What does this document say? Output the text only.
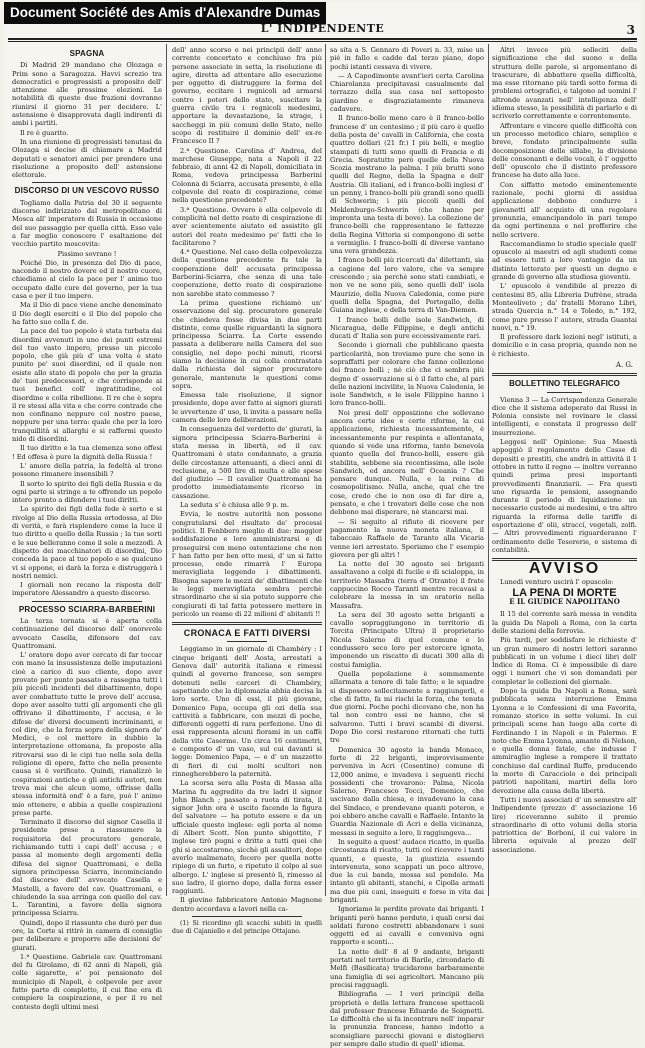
Document Société des Amis d'Alexandre Dumas
L' INDIPENDENTE	3
SPAGNA

Di Madrid 29 mandano che Olozaga e Prim sono a Saragozza. Havvi screzio tra democratici e progressisti a proposito dell' attenzione alle prossime elezioni. Le notabilità di queste due frazioni dovranno riunirsi il giorno 31 per decidere. L' astensione è disapprovata dagli indirenti di ambi i partiti.

Il re è guarito.

In una riunione di progressisti tenutasi da Olozaga si decise di chiamare a Madrid deputati e senatori amici per prendere una risoluzione a proposito dell' astensione elettorale.

DISCORSO DI UN VESCOVO RUSSO

Togliamo dalla Patria del 30 il seguente discorso indirizzato dal metropolitano di Mosca all' imperatore di Russia in occasione del suo passaggio per quella città. Esso vale a far meglio conoscere l' esaltazione del vecchio partito moscovita:

Pissimo sovrano !

Poiché Dio, in presenza del Dio di pace, nacondo il nostro dovere ed il nostro cuore, chiediamo al cielo la pace per l' animo tuo occupato dalle cure del governo, per la tua casa e per il tuo impero.

Ma il Dio di pace viene anche denominato il Dio degli eserciti e il Dio del popolo che ha fatto suo colla f. de.

La pace del tuo popolo è stata turbata dai disordini avvenuti in uno dei punti estremi del tuo vasto impero, presso un piccolo popolo, che già più d' una volta è stato punito pe' suoi disordini, ed il quale non esiste allo stato di popolo che per la grazia de' tuoi predecessori, e che corrisponde ai tuoi benefici coll' ingratitudine, col disordine e colla ribellione. Il re che è sopra il re stessi alla vita e che corre contrade che non confinano neppure col nostro paese, neppure per una terra: quale che per la loro tranquillità si allarghi e si raffermi questo nido di disordini.

Il tuo diritto e la tua clemenza sono offesi ! Ed offesa è pure la dignità della Russia !

L' amore della patria, la fedeltà al trono possono rimanere insensibili ?

Il sorto lo spirito dei figli della Russia e da ogni parte si stringe a te offrendo un popolo intero pronto a difendere i tuoi diritti.

Lo spirito dei figli della fede è sorto e si rivolge al Dio della Russia ortodossa, al Dio di verità, e farà risplendere come la luce il tuo diritto e quello della Russia ; la tue sorti e le sue belleranno come il sole a mezzodì. A dispetto dei macchinatori di disordini, Dio conceda la pace al tuo popolo e se qualcuno vi si oppone, ei darà la forza e distruggerà i nostri nemici.

I giornali non recano la risposta dell' imperatore Alessandro a questo discorso.

PROCESSO SCIARRA-BARBERINI

La terza tornata si è aperta colla continuazione del discorso dell' onorevole avvocato Casella, difensore del cav. Quattromani.

L' oratore dopo aver cercato di far toccar con mano la insussistenza delle imputazioni cioè a carico di suo cliente, dopo aver provato per punto passato a rassegna tutti i più piccoli incidenti del dibattimento, dopo aver combattuto tutte le prove dell' accusa, dopo aver assolto tutti gli argomenti che gli offrivano il dibattimento, l' accusa, e le difese de' diversi documenti incriminanti, e col dire, che la forza sopra della signora de' Medici, e col mettere in dubbio la interpretazione ottomana, fa proposte alla ritrovarsi suo di le cipi tuo nella sola della religione di opere, fatto che nella presente causa si è verificato. Quindi, rianalizzò le cospirazioni antiche e gli antichi autori, non trova mai che alcun uomo, offrisse dalla stessa informità ond' è a fare, può l' animo mio ottenere, e abbia a quelle cospirazioni prese parte.

Terminato il discorso del signor Casella il presidente prese a riassumere la requisitoria del procuratore generale, richiamando tutti i capi dell' accusa ; e passa al momento degli argomenti della difesa del signor Quattromani, e della signora principessa Sciarra, incominciando dal discorso dell' avvocato Casella e Mastelli, a favore del cav. Quattromani, e chiudendo la sua arringa con quello del cav. L. Tarantini, a favore della signora principessa Sciarra.

Quindi, dopo il riassunto che durò per due ore, la Corte si ritirò in camera di consiglio per deliberare e proporre alle decisioni de' giurati.

1.ª Questione. Gabriele cav. Quattromani del fu Girolamo, di 62 anni di Napoli, già colle sigarette, e' poi pensionato del municipio di Napoli, è colpevole per aver fatto parte di complotto, il cui fine era di compiere la cospirazione, e per il re nel contesto degli ultimi mesi

dell' anno scorso e nei principii dell' anno corrente concertato e conchiuso fra più persone associate in setta, la risoluzione di agire, diretta ad attentare allo esecuzione per oggetto di distruggere la forma del governo, eccitare i regnicoli ad armarsi contro i poteri dello stato, suscitare la guerra civile tra i regnicoli medesimi, apportare la devastazione, la strage, i saccheggi in più comuni dello Stato, nello scopo di restituire il dominio dell' ex-re Francesco II ?

2.ª Questione. Carolina d' Andrea, del marchese Giuseppe, nata a Napoli il 22 febbraio, di anni 42 di Napoli, domiciliata in Roma, vedova principessa Barberini Colonna di Sciarra, accusata presente, è ella colpevole del reato di cospirazione, come nella questione precedente?

3.ª Questione. Ovvero è ella colpevole di complicità nel detto reato di cospirazione di aver scientemente aiutato ed assistito gli autori del reato medesimo pe' fatti che lo facilitarono ?

4.ª Questione. Nel caso della colpevolezza della questione precedente fu tale la cooperazione dell' accusata principessa Barberini-Sciarra, che senza di una tale cooperazione, detto reato di cospirazione non sarebbe stato commesso ?

La prima questione richiamò un' osservazione del sig. procuratore generale che chiedeva fosse divisa in due parti distinte, come quelle riguardanti la signora principessa Sciarra. La Corte essendo passata a deliberare nella Camera del suo consiglio, nel dopo pochi minuti, ricorsi siamo la decisione in cui colla contrastata dalla richiesta del signor procuratore generale, mantenute le questioni come sopra.

Emessa tale risoluzione, il signor presidente, dopo aver fatto ai signori giurati le avvertenze d' uso, li invita a passare nella camera delle loro deliberazioni.

In conseguenza del verdetto de' giurati, la signora principessa Sciarra-Barberini è stata messa in libertà, ed il cav. Quattromani è stato condannato, a grazia delle circostanze attenuanti, a dieci anni di reclusione, a 500 lire di multa e alle spese del giudizio — Il cavalier Quattromani ha prodotto immediatamente ricorso in cassazione.

La seduta s' è chiusa alle 9 p. m.

Evvia, le nostre autorità non possono congratularsi del risultato de' processi politici. Il Fenbbero meglio di due: maggior soddisfazione e loro amministrarsi e di proseguirsi con meno ostentazione che non l' han fatto per ben otto mesi, d' un sì fatto processo, onde rimarrà l' Europa meravigliata leggendo i dibattimenti. Bisogna sapere le mezzi de' dibattimenti che le leggi meravigliata sembra perchè straordinario che si sia potuto supporre che congiurati di tal fatta potessero mettere in pericolo un reame di 22 milioni d' abitanti !!

CRONACA E FATTI DIVERSI

Leggiamo in un giornale di Chambéry : I cinque briganti dell' Aosta, arrestati a Genova dall' autorità italiana e rimessi quindi al governo francese, son sempre detenuti nelle carceri di Chambéry, aspettando che la diplomazia abbia decisa la loro sorte. Uno di essi, il più giovane, Domenico Papa, occupa gli ozi della sua cattività a fabbricare, con mezzi di poche, differenti oggetti di rara perfezione. Uno di essi rappresenta alcuni fiorami in un caffè della vite Caserme. Un circa 16 centimetri, e composto d' un vaso, sul cui davanti si legge: Domenico Papa, — e d' un mazzetto di fiori di cui molti scultori non rinnegherebbero la paternità.

La scorsa sera alla Posta di Massa alla Marina fu aggredito da tre ladri il signor John Blanch ; passato a ruota di tirata, il signor John ora è uscito facendo la figura del salvatore — ha potuto essere e da un ufficiale questo inglese: egli porta al nome di Albert Scott. Non punto sbigottito, l' inglese tirò pugni e dritte a tutti quei che ghi si accostarono, sicchè gli assalitori, dopo averlo malmenato, fecero per quella notte ripiego di un furto, e ripetuto il colpo al suo albergo. L' inglese si presentò lì, rimesso al suo ladro, il giorno dopo, dalla forza esser raggiunti.

Il giovine fabbricatore Antonio Magnone dentro accordava a lavori nella ca-

(1) Si ricordino gli scacchi subiti in quelli due dì Cajaniello e del principe Ottajano.

sa sita a S. Gennaro di Poveri n. 33, mise un pié in fallo e cadde dal terzo piano, dopo pochi istanti cessava di vivere.

— A Capodimonte avant'ieri certa Carolina Chiarolanza precipitavasi casualmente dal terrazzo della sua casa nel sottoposto giardino e disgraziatamente rimaneva cadavere.

Il franco-bollo meno caro è il franco-bollo francese d' un centesimo ; il più caro è quello della posta de' cavalli in California, che costa quattro dollari (21 fr.) I più belli, e meglio stampati di tutti sono quelli di Francia e di Grecia. Sopratutto però quelle della Nuova Scozia mostrano la palma. I più brutti sono quelli del Regno, della la Spagna e dell' Austria. Gli italiani, ed i franco-bolli inglesi d' un penny, i franco-bolli più grandi sono quelli di Schwerin; i più piccoli quelli del Meklenburgo-Schwerin (che hanno per impronta una testa di bove). La collezione de' franco-bolli che rappresentano le fattezze della Regina Vittoria si compongono di sette a vermiglio. I franco-bolli di diverse vantano una vera grandezza.

I franco bolli più ricercati da' dilettanti, sia a cagione del loro valore, che va sempre crescendo ; sia perchè sono stati cambiati, e non ve ne sono più, sono quelli dell' isola Maurizio, della Nuova Caledonia, come pure quelli della Spagna, del Portogallo, della Guiana inglese, e della terra di Van-Diemen.

I franco bolli delle isole Sandwich, di Nicaragua, delle Filippine, e degli antichi ducati d' Italia son pure eccessivamente rari.

Secondo i giornali che pubblicano questa particolarità, non troviamo pure che sono in sopraffatti per colorare che fanno collezione dei franco bolli ; nè ciò che ci sembra più degno d' osservazione si è il fatto che, al pari delle nazioni incivilite, la Nuova Caledonia, le isole Sandwich, e le isole Filippine hanno i loro franco-bolli.

Noi presi dell' opposizione che sollevano ancora certe idee e certe riforme, la cui applicazione, richiesta incessantemente, è incessantemente pur respinta e allontanata, quando si vede una riforma, tanto benevola quanto quella del franco-bolli, essere già stabilita, sebbene sia recentissima, alle isole Sandwich, ed ancora nell' Oceania ? Che pensare dunque. Nulla, e la reina di cosmopolitismo. Nulla, anche, qual che tre cose, credo che io non oso di far dire a, pensato, e che i trovatori delle cose che non debbono mai disperare, nè stancarsi mai.

— Si seguito al rifiuto di ricevere per pagamento la nuova moneta italiana, il tabaccaio Raffaele de Taranto alla Vicaria venne ieri arrestato. Speriamo che l' esempio giovera per gli altri !

La notte del 30 agosto sei briganti assaltavano a colpi di fucile e di scialoppa, in territorio Massafra (terra d' Otranto) il frate cappuccino Rocco Taranti mentre recavasi a celebrare la messa in un oratorio nella Massafra.

La sera del 30 agosto sette briganti a cavallo sopraggiungono in territorio di Torcita (Principato Ultra) il proprietario Nicola Salerno di quel comune e lo condussero seco loro per estorcere ignota, imponendo un riscatto di ducati 300 alla di costui famiglia.

Quella popolazione è sommamente allarmata a tenore di tale fatto; e le squadre si disposero sollecitamente a raggiungerli, e che di fatto, fa mi rischi la forza, che tenuta due giorni. Poche pochi dicevano che, non ha tal non contro essi ne hanno, che si salvarono. Tutti i bravi scambi di diversi. Dopo Dio corsi restarono ritornati che tutti tre

Domenica 30 agosto la banda Monaco, forte di 22 briganti, improvvisamente perveniva in Acri (Cosentino) comune di 12,000 anime, e invadeva i seguenti ricchi possidenti che trovarono: Palma, Nicola Salerno, Francesco Tocci, Domenico, che uscivano dalla chiesa, e invadevano la casa del Sindaco, e prendevano quanti poteron, e poi ebbero anche cavalli e Raffaele. Intanto la Guardia Nazionale di Acri e della vicinanza, messasi in seguito a loro, li raggiungeva...

In seguito a quest' audace ricatto, in quella circostanza di ricatto, tutti col ricevere i tanti quanti, e queste, la giustizia essendo intervenuta, sono scappati un poco altrove, due la cui banda, mossa sul pendolo. Ma intanto gli abitanti, stanchi, e Cipolla armati ma due più cani, inseguiti e forse in vita dai briganti.

Ignoriamo le perdite provate dai briganti. I briganti però hanno perduto, i quali corsi dai soldati furono costretti abbandonare i suoi oggetti ed ai cavalli e conveniva ogni rapporto e sconti...

La notte dell' 8 al 9 andante, briganti portati nel territorio di Barile, circondario di Melfi (Basilicata) trucidarono barbaramente una famiglia di sei agricoltori. Mancano più precisi ragguagli.

Bibliografia — I veri principii della proprietà e della lettura francese spettacoli dal professor francese Eduardo de Soignetti. Le difficoltà che si fa incontrare nell' imparar la pronunzia francese, hanno indotto a sconsigliare parecchi giovani e distogliervi per sempre dallo studio di quell' idioma.

Altri invece più solleciti della significazione che del suono e della struttura delle parole, si argomentano di trascurare, di abbattere quella difficoltà, ma esse ritornano più tardi sotto forma di problemi ortografici, e talgono ad uomini l' altronde avanzati nell' intelligenza dell' idioma stesso, la possibilità di parlarlo e di scriverlo correttamente e correntemente.

Affrontare e vincere quelle difficoltà con un processo metodico chiaro, semplice e breve, fondato principalmente sulla decomposizione delle sillabe, la divisione delle consonanti e delle vocali, è l' oggetto dell' opuscolo che il distinto professore francese ha dato alla luce.

Con siffatto metodo eminentemente razionale, pochi giorni di assidua applicazione debbono condurre i giovanetti all' acquisto di una regolare pronunzia, emancipandolo in pari tempo da ogni pertinenza e nel profferire che nello scrivere.

Raccomandiamo lo studio speciale quell' opuscolo ai maestri ed agli studenti come ad essere tutti a loro vantaggio da un distinto letterato per questi un degno e grande di governo alla studiosa gioventù.

L' opuscolo è vendibile al prezzo di centesimi 85, alla Libreria Dufrène, strada Monteoliveto ; da' fratelli Morano Libri, strada Quercia n.° 14 e Toledo, n.° 192, come pure presso l' autore, strada Guantai nuovi, n.° 19.

Il professore dark lezioni negl' istituti, a domicilio e in casa propria, quando non ne è richiesto.

A. G.
BOLLETTINO TELEGRAFICO

Vienna 3 — La Corrispondenza Generale dice che il sistema adoperato dai Russi in Polonia consiste nel rovinare le classi intelligenti, e constata il progresso dell' insurrezione.

Leggesi nell' Opinione: Sua Maestà appoggiò il regolamento delle Casse di depositi e prestiti, che andrà in attività il 1 ottobre in tutto il regno — inoltre verranno quindi prima presi importanti provvedimenti finanziarii. — Fra questi uno riguarda le pensioni, assegnando durante il periodo di liquidazione un necessario custode ai medesimi, e tra altro riguarda la riforma delle tariffe di esportazione d' olii, straccí, vegetali, zolfi. — Altri provvedimenti riguarderanno l' ordinamento delle Tesorerie, e sistema di contabilità.

AVVISO

Lunedì venturo uscirà l' opuscolo:

LA PENA DI MORTE
E IL GIUDICE NAPOLITANO

Il 15 del corrente sarà messa in vendita la guida Da Napoli a Roma, con la carta delle stazioni della ferrovia.

Più tardi, per soddisfare le richieste d' un gran numero di nostri lettori saranno pubblicati in un volume i dieci libri dell' Indice di Roma. Ci è impossibile di dare oggi i numeri che vi son domandati per completar le collezioni del giornale.

Dopo la guida Da Napoli a Roma, sarà pubblicata senza interruzione Emma Lyonna e le Confessioni di una Favorita, romanzo storico in sette volumi. In cui principali scene han luogo alla corte di Ferdinando I in Napoli e in Palermo. E noto che Emma Lyonna, amante di Nelson, e quella donna fatale, che indusse l' ammiraglio inglese a rompere il trattato conchiuso dal cardinal Ruffo, producendo la morte di Caracciolo e dei principali patrioti napolitani, martiri della loro devozione alla causa della libertà.

Tutti i nuovi associati d' un semestre all' Indipendente (prezzo d' associazione 16 lire) riceveranno subito il premio straordinario di otto volumi della storia patriottica de' Borboni, il cui valore in libreria equivale al prezzo dell' associazione.
